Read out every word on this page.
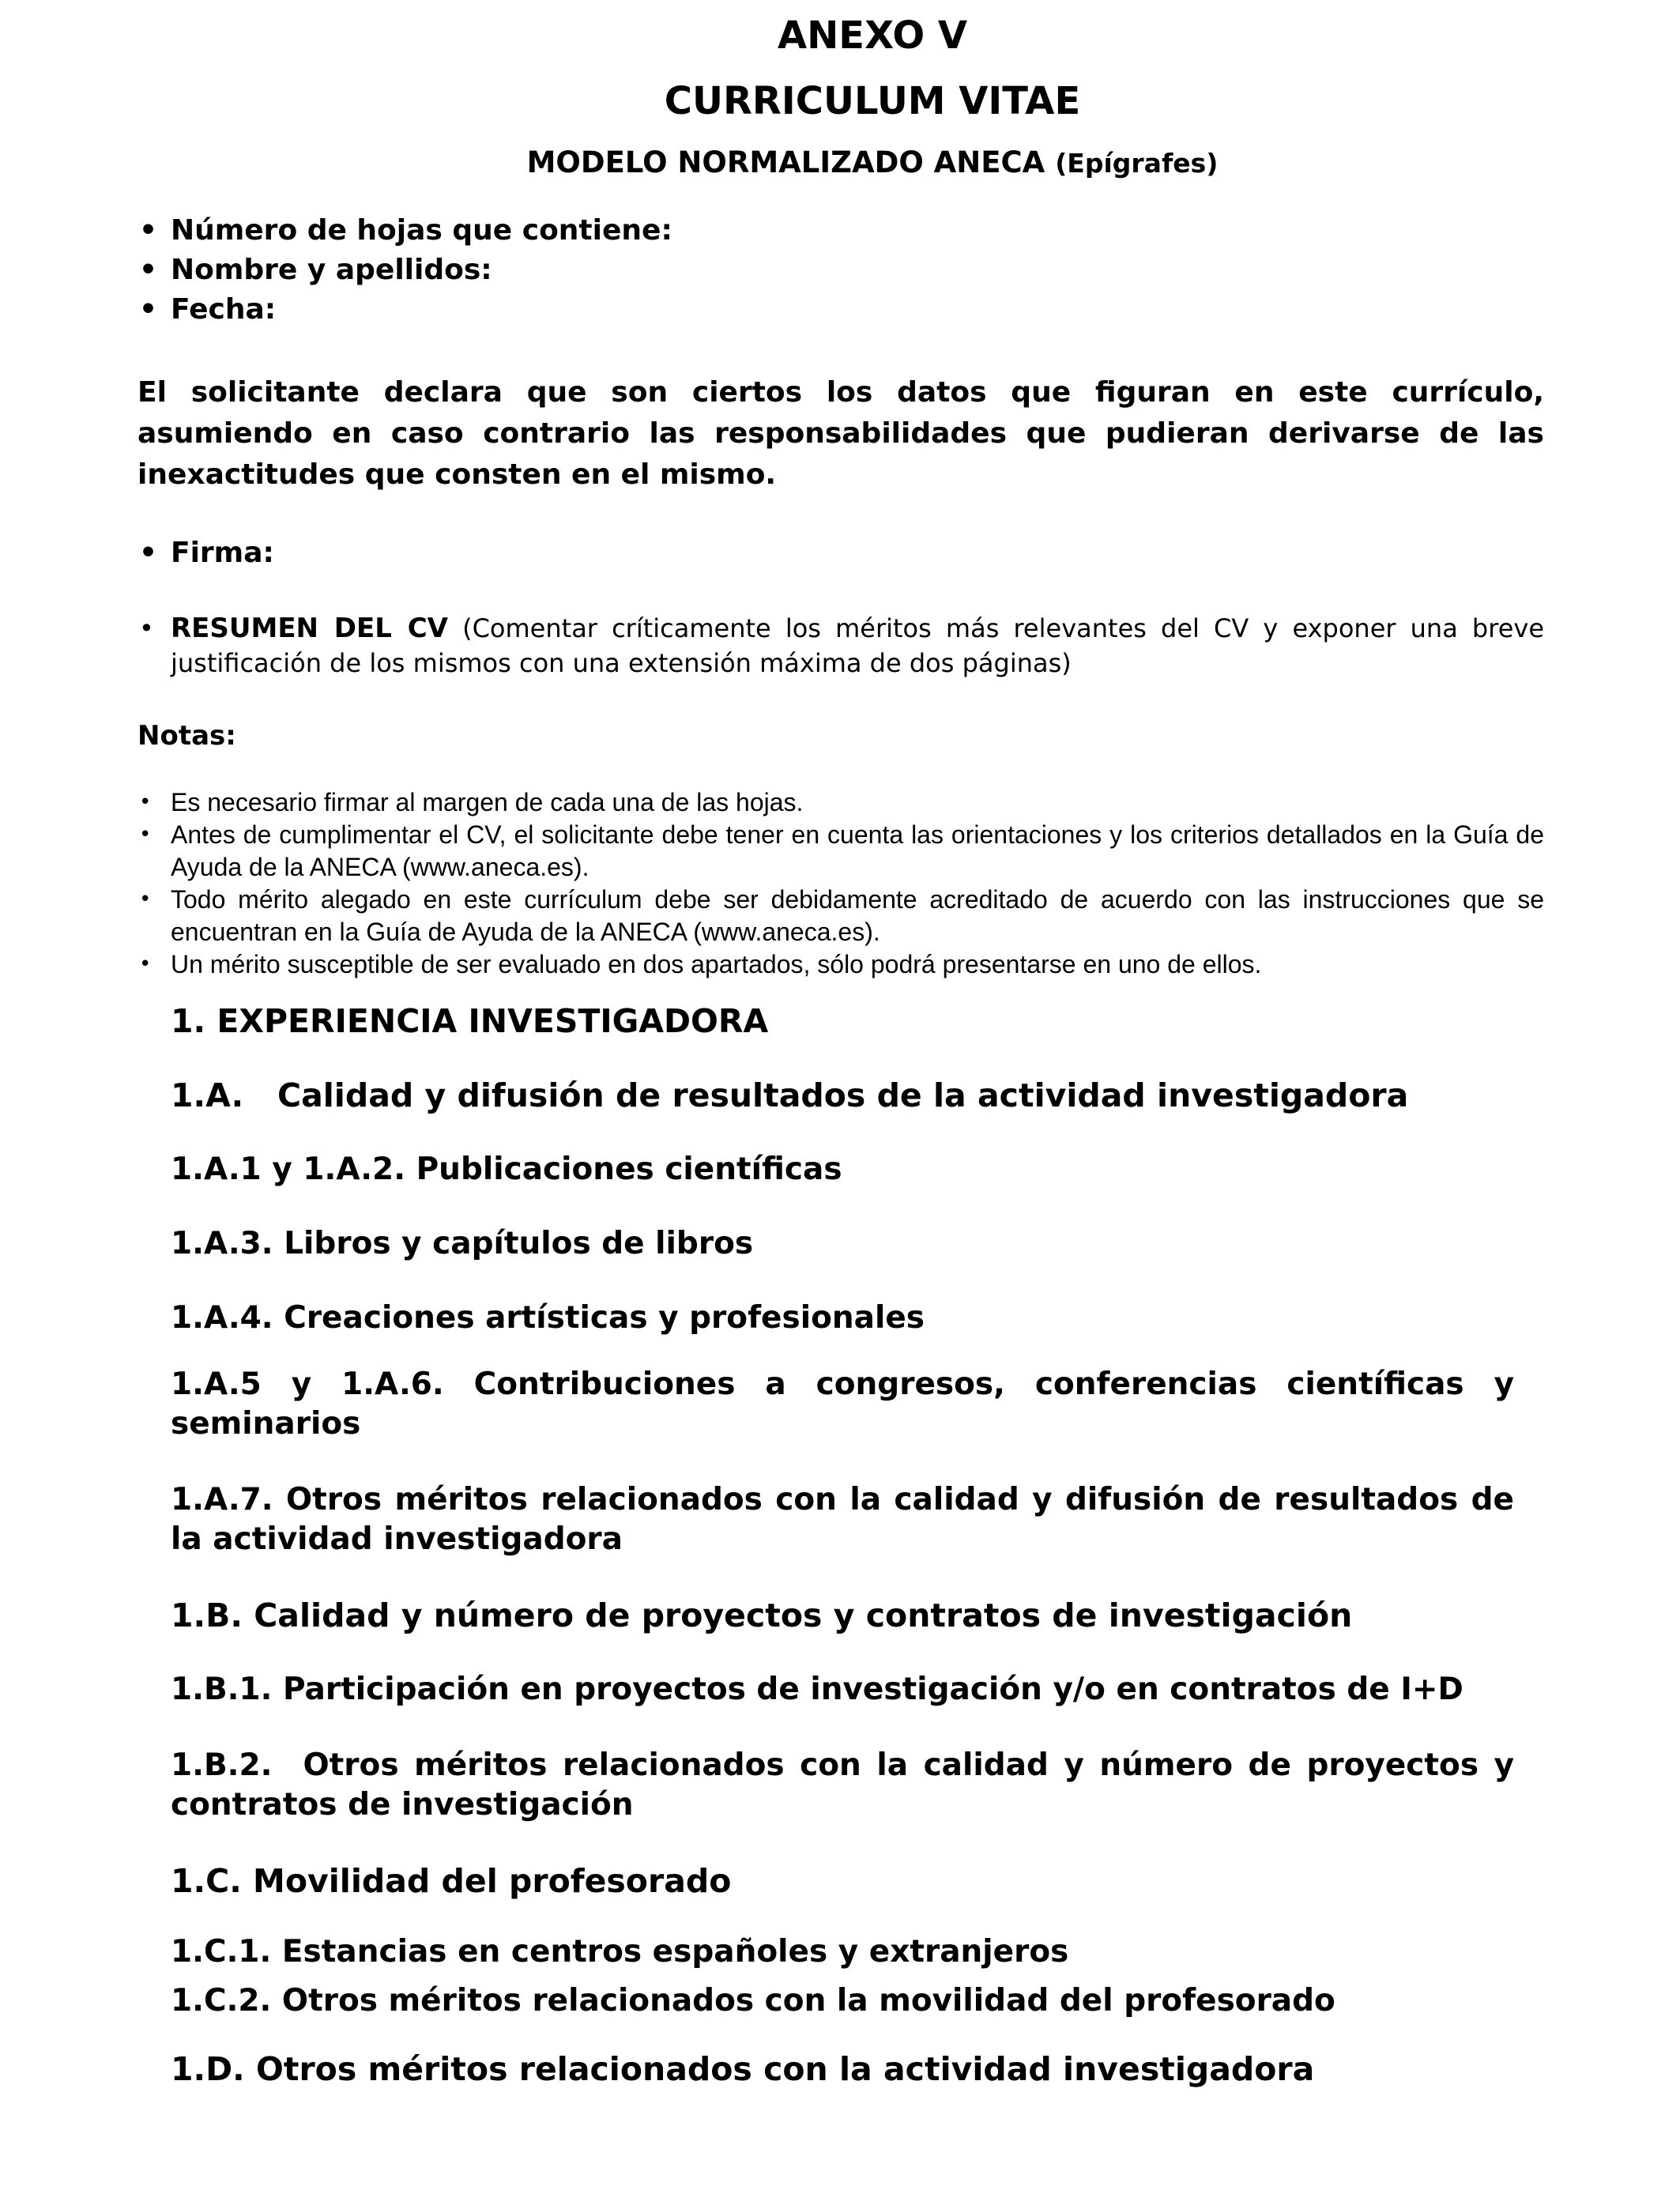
ANEXO V

CURRICULUM VITAE

MODELO NORMALIZADO ANECA (Epígrafes)

• Número de hojas que contiene:
• Nombre y apellidos:
• Fecha:

El solicitante declara que son ciertos los datos que figuran en este currículo, asumiendo en caso contrario las responsabilidades que pudieran derivarse de las inexactitudes que consten en el mismo.

• Firma:
• RESUMEN DEL CV (Comentar críticamente los méritos más relevantes del CV y exponer una breve justificación de los mismos con una extensión máxima de dos páginas)
Notas:
• Es necesario firmar al margen de cada una de las hojas.
• Antes de cumplimentar el CV, el solicitante debe tener en cuenta las orientaciones y los criterios detallados en la Guía de Ayuda de la ANECA (www.aneca.es).
• Todo mérito alegado en este currículum debe ser debidamente acreditado de acuerdo con las instrucciones que se encuentran en la Guía de Ayuda de la ANECA (www.aneca.es).
• Un mérito susceptible de ser evaluado en dos apartados, sólo podrá presentarse en uno de ellos.

1. EXPERIENCIA INVESTIGADORA

1.A.   Calidad y difusión de resultados de la actividad investigadora

1.A.1 y 1.A.2. Publicaciones científicas

1.A.3. Libros y capítulos de libros

1.A.4. Creaciones artísticas y profesionales

1.A.5 y 1.A.6. Contribuciones a congresos, conferencias científicas y seminarios

1.A.7. Otros méritos relacionados con la calidad y difusión de resultados de la actividad investigadora

1.B. Calidad y número de proyectos y contratos de investigación

1.B.1. Participación en proyectos de investigación y/o en contratos de I+D

1.B.2.  Otros méritos relacionados con la calidad y número de proyectos y contratos de investigación

1.C. Movilidad del profesorado

1.C.1. Estancias en centros españoles y extranjeros

1.C.2. Otros méritos relacionados con la movilidad del profesorado

1.D. Otros méritos relacionados con la actividad investigadora
